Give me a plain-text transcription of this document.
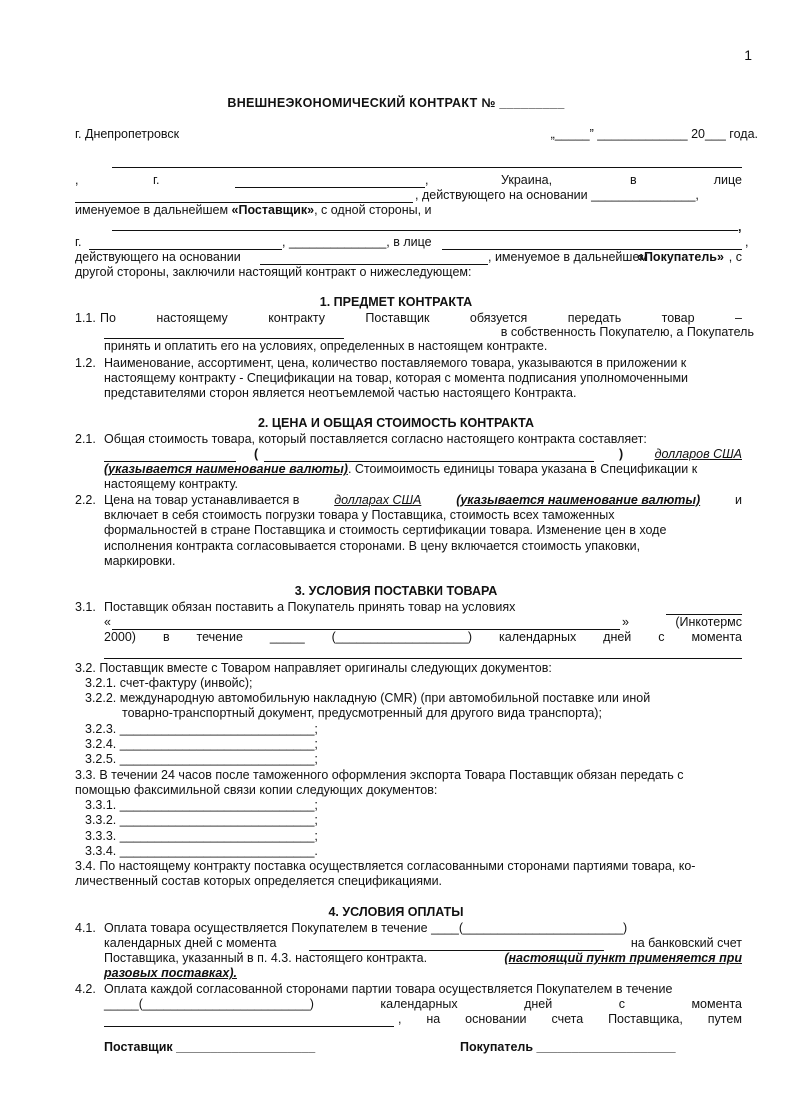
1
ВНЕШНЕЭКОНОМИЧЕСКИЙ КОНТРАКТ № _________
г. Днепропетровск	„_____” _____________ 20___ года.
,	г.	,	Украина,	в	лице
, действующего на основании _______________,
именуемое в дальнейшем «Поставщик», с одной стороны, и
,
г.	, ______________, в лице	,
действующего на основании	, именуемое в дальнейшем
«Покупатель» , с
другой стороны, заключили настоящий контракт о нижеследующем:
1. ПРЕДМЕТ КОНТРАКТА
1.1. По	настоящему	контракту	Поставщик	обязуется	передать	товар	–
в собственность Покупателю, а Покупатель
принять и оплатить его на условиях, определенных в настоящем контракте.
1.2. Наименование, ассортимент, цена, количество поставляемого товара, указываются в приложении к
настоящему контракту - Спецификации на товар, которая с момента подписания уполномоченными
представителями сторон является неотъемлемой частью настоящего Контракта.
2. ЦЕНА И ОБЩАЯ СТОИМОСТЬ КОНТРАКТА
2.1. Общая стоимость товара, который поставляется согласно настоящего контракта составляет:
(	)	долларов США
(указывается наименование валюты). Стоимоимость единицы товара указана в Спецификации к
настоящему контракту.
2.2. Цена на товар устанавливается в	долларах США	(указывается наименование валюты)	и
включает в себя стоимость погрузки товара у Поставщика, стоимость всех таможенных
формальностей в стране Поставщика и стоимость сертификации товара. Изменение цен в ходе
исполнения контракта согласовывается сторонами. В цену включается стоимость упаковки,
маркировки.
3. УСЛОВИЯ ПОСТАВКИ ТОВАРА
3.1. Поставщик обязан поставить а Покупатель принять товар на условиях
«	»	(Инкотермс
2000) в течение _____ (___________________) календарных дней с момента
3.2. Поставщик вместе с Товаром направляет оригиналы следующих документов:
3.2.1. счет-фактуру (инвойс);
3.2.2. международную автомобильную накладную (CMR) (при автомобильной поставке или иной
товарно-транспортный документ, предусмотренный для другого вида транспорта);
3.2.3. ____________________________;
3.2.4. ____________________________;
3.2.5. ____________________________;
3.3. В течении 24 часов после таможенного оформления экспорта Товара Поставщик обязан передать с
помощью факсимильной связи копии следующих документов:
3.3.1. ____________________________;
3.3.2. ____________________________;
3.3.3. ____________________________;
3.3.4. ____________________________.
3.4. По настоящему контракту поставка осуществляется согласованными сторонами партиями товара, ко-
личественный состав которых определяется спецификациями.
4. УСЛОВИЯ ОПЛАТЫ
4.1. Оплата товара осуществляется Покупателем в течение ____(_______________________)
календарных дней с момента	на банковский счет
Поставщика, указанный в п. 4.3. настоящего контракта.	(настоящий пункт применяется при
разовых поставках).
4.2. Оплата каждой согласованной сторонами партии товара осуществляется Покупателем в течение
_____(________________________)	календарных	дней	с	момента
, на основании счета Поставщика, путем
Поставщик ____________________	Покупатель ____________________
